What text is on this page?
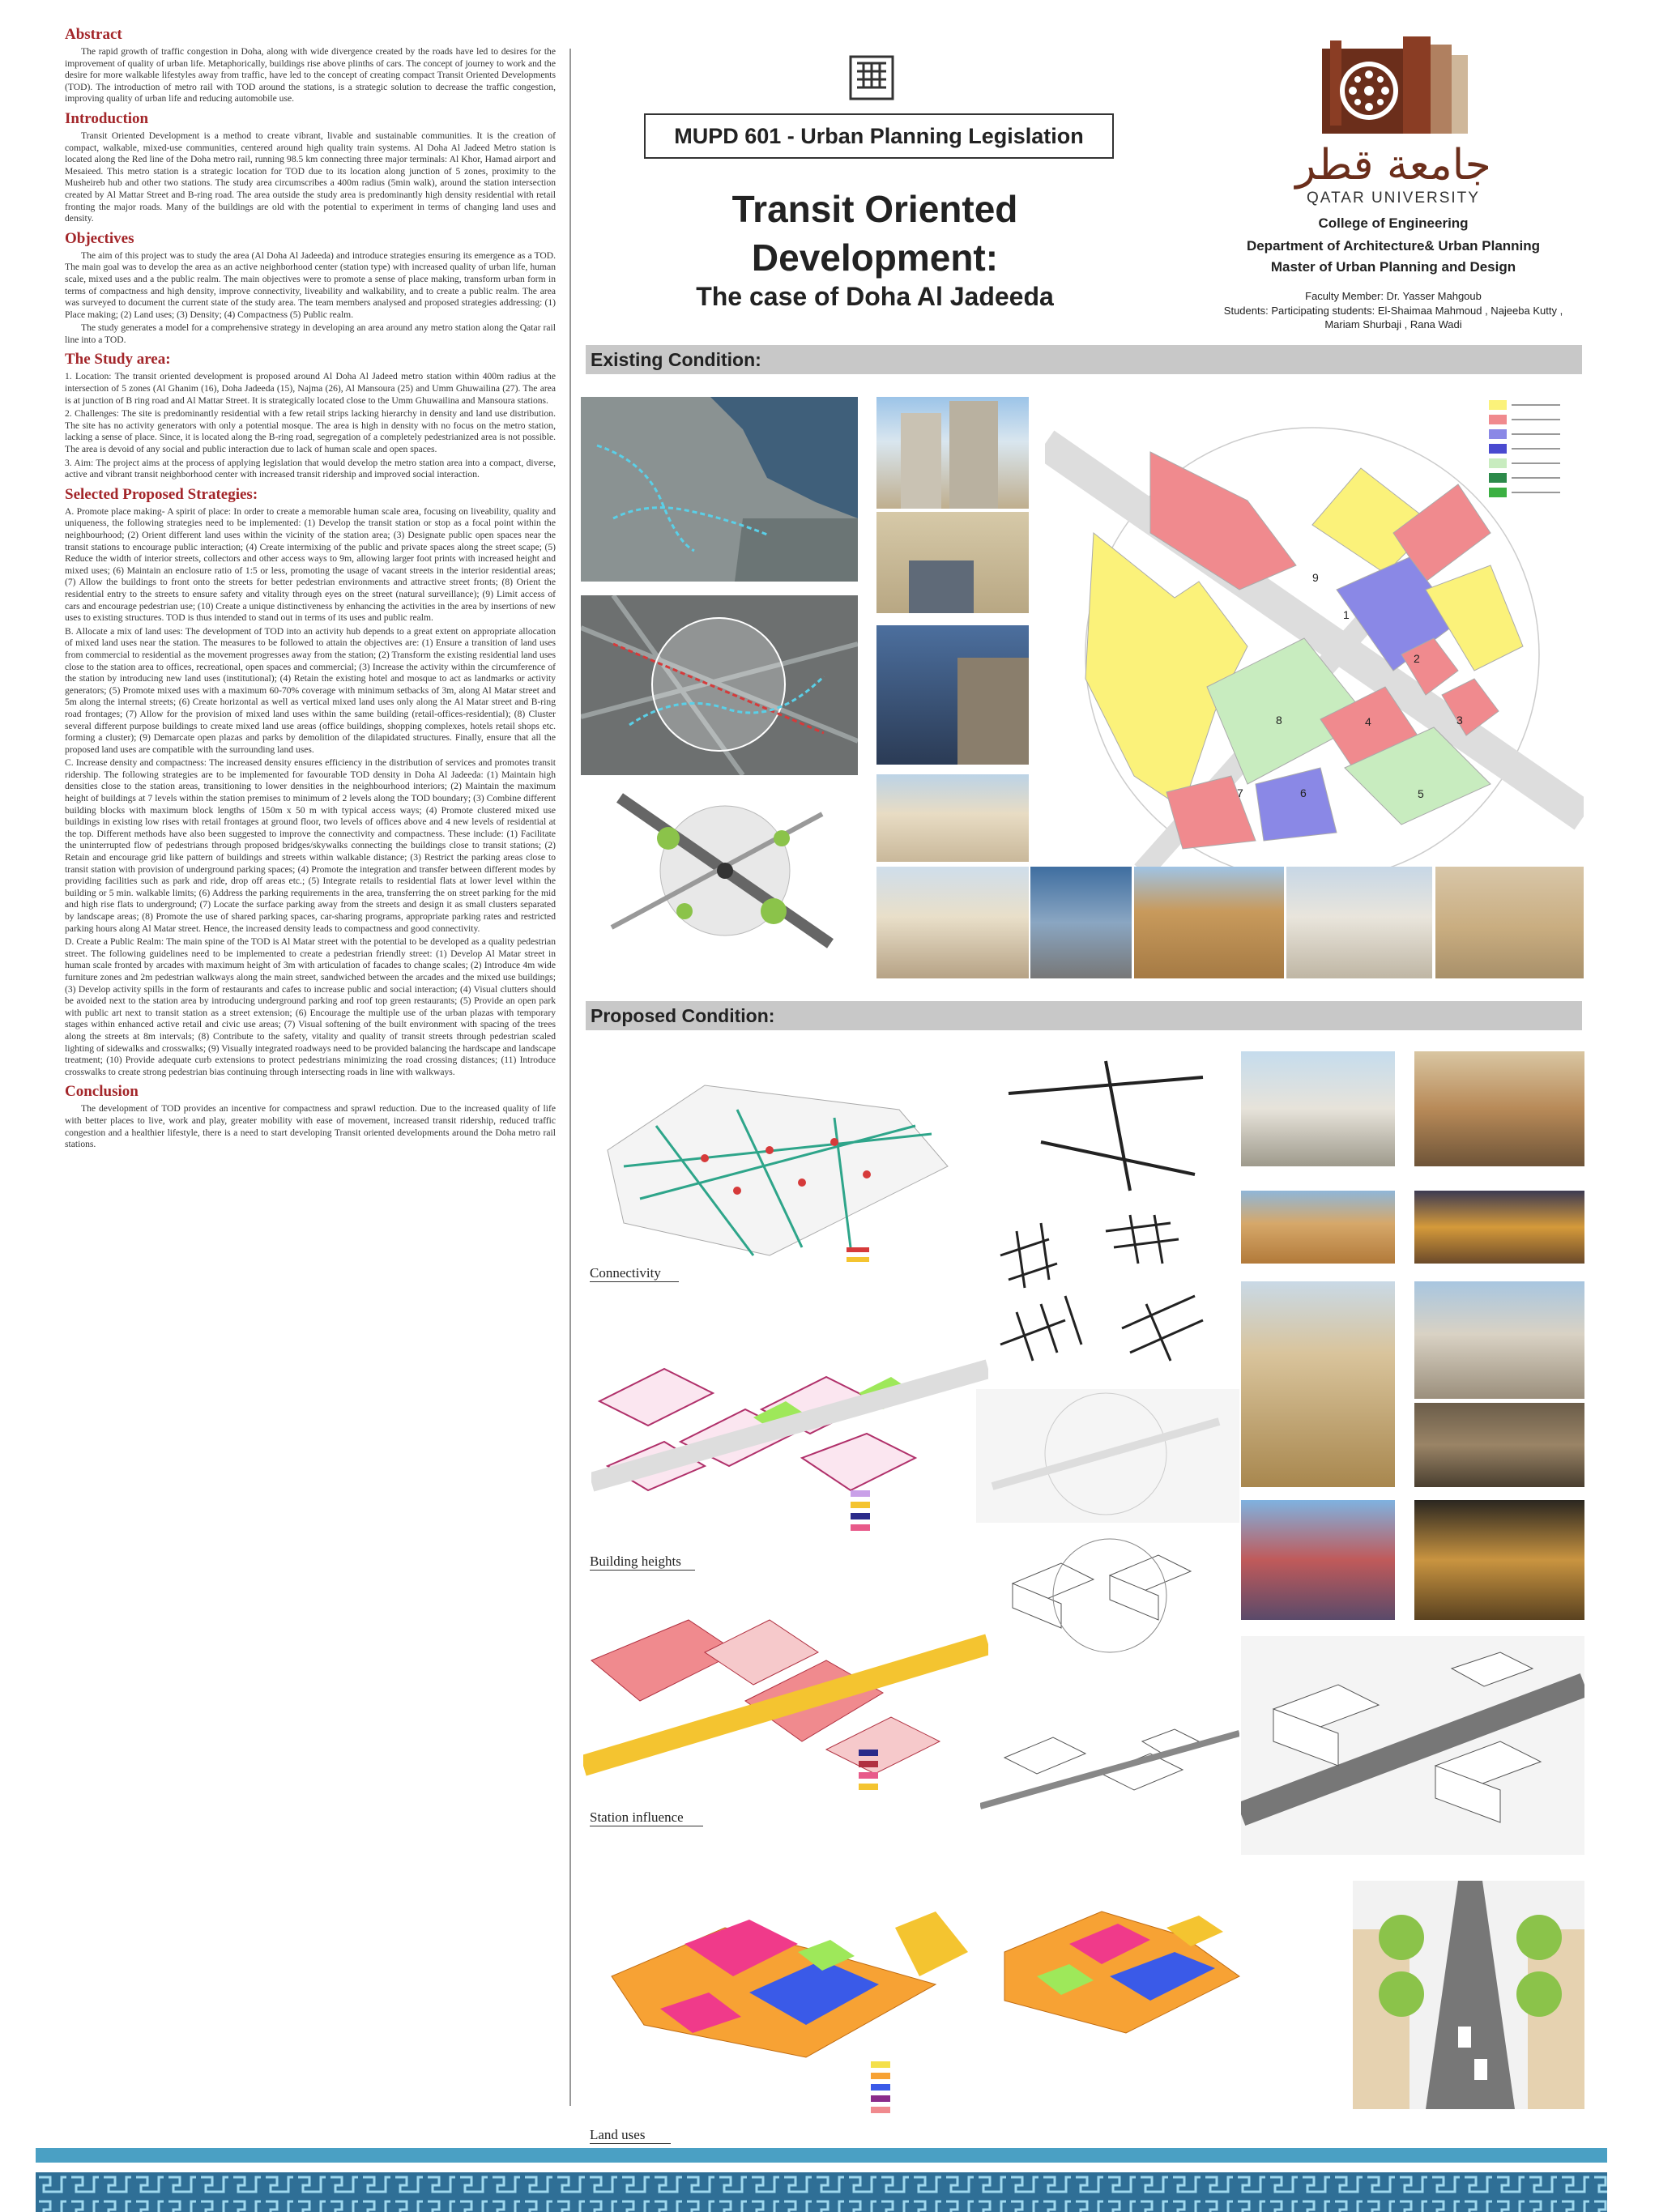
Abstract

The rapid growth of traffic congestion in Doha, along with wide divergence created by the roads have led to desires for the improvement of quality of urban life. Metaphorically, buildings rise above plinths of cars. The concept of journey to work and the desire for more walkable lifestyles away from traffic, have led to the concept of creating compact Transit Oriented Developments (TOD). The introduction of metro rail with TOD around the stations, is a strategic solution to decrease the traffic congestion, improving quality of urban life and reducing automobile use.

Introduction

Transit Oriented Development is a method to create vibrant, livable and sustainable communities. It is the creation of compact, walkable, mixed-use communities, centered around high quality train systems. Al Doha Al Jadeed Metro station is located along the Red line of the Doha metro rail, running 98.5 km connecting three major terminals: Al Khor, Hamad airport and Mesaieed. This metro station is a strategic location for TOD due to its location along junction of 5 zones, proximity to the Musheireb hub and other two stations. The study area circumscribes a 400m radius (5min walk), around the station intersection created by Al Mattar Street and B-ring road. The area outside the study area is predominantly high density residential with retail fronting the major roads. Many of the buildings are old with the potential to experiment in terms of changing land uses and density.

Objectives

The aim of this project was to study the area (Al Doha Al Jadeeda) and introduce strategies ensuring its emergence as a TOD. The main goal was to develop the area as an active neighborhood center (station type) with increased quality of urban life, human scale, mixed uses and a the public realm. The main objectives were to promote a sense of place making, transform urban form in terms of compactness and high density, improve connectivity, liveability and walkability, and to create a public realm. The area was surveyed to document the current state of the study area. The team members analysed and proposed strategies addressing: (1) Place making; (2) Land uses; (3) Density; (4) Compactness (5) Public realm.

The study generates a model for a comprehensive strategy in developing an area around any metro station along the Qatar rail line into a TOD.

The Study area:

1. Location: The transit oriented development is proposed around Al Doha Al Jadeed metro station within 400m radius at the intersection of 5 zones (Al Ghanim (16), Doha Jadeeda (15), Najma (26), Al Mansoura (25) and Umm Ghuwailina (27). The area is at junction of B ring road and Al Mattar Street. It is strategically located close to the Umm Ghuwailina and Mansoura stations.

2. Challenges: The site is predominantly residential with a few retail strips lacking hierarchy in density and land use distribution. The site has no activity generators with only a potential mosque. The area is high in density with no focus on the metro station, lacking a sense of place. Since, it is located along the B-ring road, segregation of a completely pedestrianized area is not possible. The area is devoid of any social and public interaction due to lack of human scale and open spaces.

3. Aim: The project aims at the process of applying legislation that would develop the metro station area into a compact, diverse, active and vibrant transit neighborhood center with increased transit ridership and improved social interaction.

Selected Proposed Strategies:

A. Promote place making- A spirit of place: In order to create a memorable human scale area, focusing on liveability, quality and uniqueness, the following strategies need to be implemented: (1) Develop the transit station or stop as a focal point within the neighbourhood; (2) Orient different land uses within the vicinity of the station area; (3) Designate public open spaces near the transit stations to encourage public interaction; (4) Create intermixing of the public and private spaces along the street scape; (5) Reduce the width of interior streets, collectors and other access ways to 9m, allowing larger foot prints with increased height and mixed uses; (6) Maintain an enclosure ratio of 1:5 or less, promoting the usage of vacant streets in the interior residential areas; (7) Allow the buildings to front onto the streets for better pedestrian environments and attractive street fronts; (8) Orient the residential entry to the streets to ensure safety and vitality through eyes on the street (natural surveillance); (9) Limit access of cars and encourage pedestrian use; (10) Create a unique distinctiveness by enhancing the activities in the area by insertions of new uses to existing structures. TOD is thus intended to stand out in terms of its uses and public realm.

B. Allocate a mix of land uses: The development of TOD into an activity hub depends to a great extent on appropriate allocation of mixed land uses near the station. The measures to be followed to attain the objectives are: (1) Ensure a transition of land uses from commercial to residential as the movement progresses away from the station; (2) Transform the existing residential land uses close to the station area to offices, recreational, open spaces and commercial; (3) Increase the activity within the circumference of the station by introducing new land uses (institutional); (4) Retain the existing hotel and mosque to act as landmarks or activity generators; (5) Promote mixed uses with a maximum 60-70% coverage with minimum setbacks of 3m, along Al Matar street and 5m along the internal streets; (6) Create horizontal as well as vertical mixed land uses only along the Al Matar street and B-ring road frontages; (7) Allow for the provision of mixed land uses within the same building (retail-offices-residential); (8) Cluster several different purpose buildings to create mixed land use areas (office buildings, shopping complexes, hotels retail shops etc. forming a cluster); (9) Demarcate open plazas and parks by demolition of the dilapidated structures. Finally, ensure that all the proposed land uses are compatible with the surrounding land uses.

C. Increase density and compactness: The increased density ensures efficiency in the distribution of services and promotes transit ridership. The following strategies are to be implemented for favourable TOD density in Doha Al Jadeeda: (1) Maintain high densities close to the station areas, transitioning to lower densities in the neighbourhood interiors; (2) Maintain the maximum height of buildings at 7 levels within the station premises to minimum of 2 levels along the TOD boundary; (3) Combine different building blocks with maximum block lengths of 150m x 50 m with typical access ways; (4) Promote clustered mixed use buildings in existing low rises with retail frontages at ground floor, two levels of offices above and 4 new levels of residential at the top. Different methods have also been suggested to improve the connectivity and compactness. These include: (1) Facilitate the uninterrupted flow of pedestrians through proposed bridges/skywalks connecting the buildings close to transit stations; (2) Retain and encourage grid like pattern of buildings and streets within walkable distance; (3) Restrict the parking areas close to transit station with provision of underground parking spaces; (4) Promote the integration and transfer between different modes by providing facilities such as park and ride, drop off areas etc.; (5) Integrate retails to residential flats at lower level within the building or 5 min. walkable limits; (6) Address the parking requirements in the area, transferring the on street parking for the mid and high rise flats to underground; (7) Locate the surface parking away from the streets and design it as small clusters separated by landscape areas; (8) Promote the use of shared parking spaces, car-sharing programs, appropriate parking rates and restricted parking hours along Al Matar street. Hence, the increased density leads to compactness and good connectivity.

D. Create a Public Realm: The main spine of the TOD is Al Matar street with the potential to be developed as a quality pedestrian street. The following guidelines need to be implemented to create a pedestrian friendly street: (1) Develop Al Matar street in human scale fronted by arcades with maximum height of 3m with articulation of facades to change scales; (2) Introduce 4m wide furniture zones and 2m pedestrian walkways along the main street, sandwiched between the arcades and the mixed use buildings; (3) Develop activity spills in the form of restaurants and cafes to increase public and social interaction; (4) Visual clutters should be avoided next to the station area by introducing underground parking and roof top green restaurants; (5) Provide an open park with public art next to transit station as a street extension; (6) Encourage the multiple use of the urban plazas with temporary stages within enhanced active retail and civic use areas; (7) Visual softening of the built environment with spacing of the trees along the streets at 8m intervals; (8) Contribute to the safety, vitality and quality of transit streets through pedestrian scaled lighting of sidewalks and crosswalks; (9) Visually integrated roadways need to be provided balancing the hardscape and landscape treatment; (10) Provide adequate curb extensions to protect pedestrians minimizing the road crossing distances; (11) Introduce crosswalks to create strong pedestrian bias continuing through intersecting roads in line with walkways.

Conclusion

The development of TOD provides an incentive for compactness and sprawl reduction. Due to the increased quality of life with better places to live, work and play, greater mobility with ease of movement, increased transit ridership, reduced traffic congestion and a healthier lifestyle, there is a need to start developing Transit oriented developments around the Doha metro rail stations.

MUPD 601 - Urban Planning Legislation
Transit Oriented
Development:
The case of Doha Al Jadeeda
جامعة قطر
QATAR UNIVERSITY
College of Engineering
Department of Architecture& Urban Planning
Master of Urban Planning and Design
Faculty Member: Dr. Yasser Mahgoub
Students: Participating students: El-Shaimaa Mahmoud , Najeeba Kutty , Mariam Shurbaji , Rana Wadi
Existing Condition:
1
2
3
4
5
6
7
8
9
Proposed Condition:
Connectivity
Building heights
Station influence
Land uses
